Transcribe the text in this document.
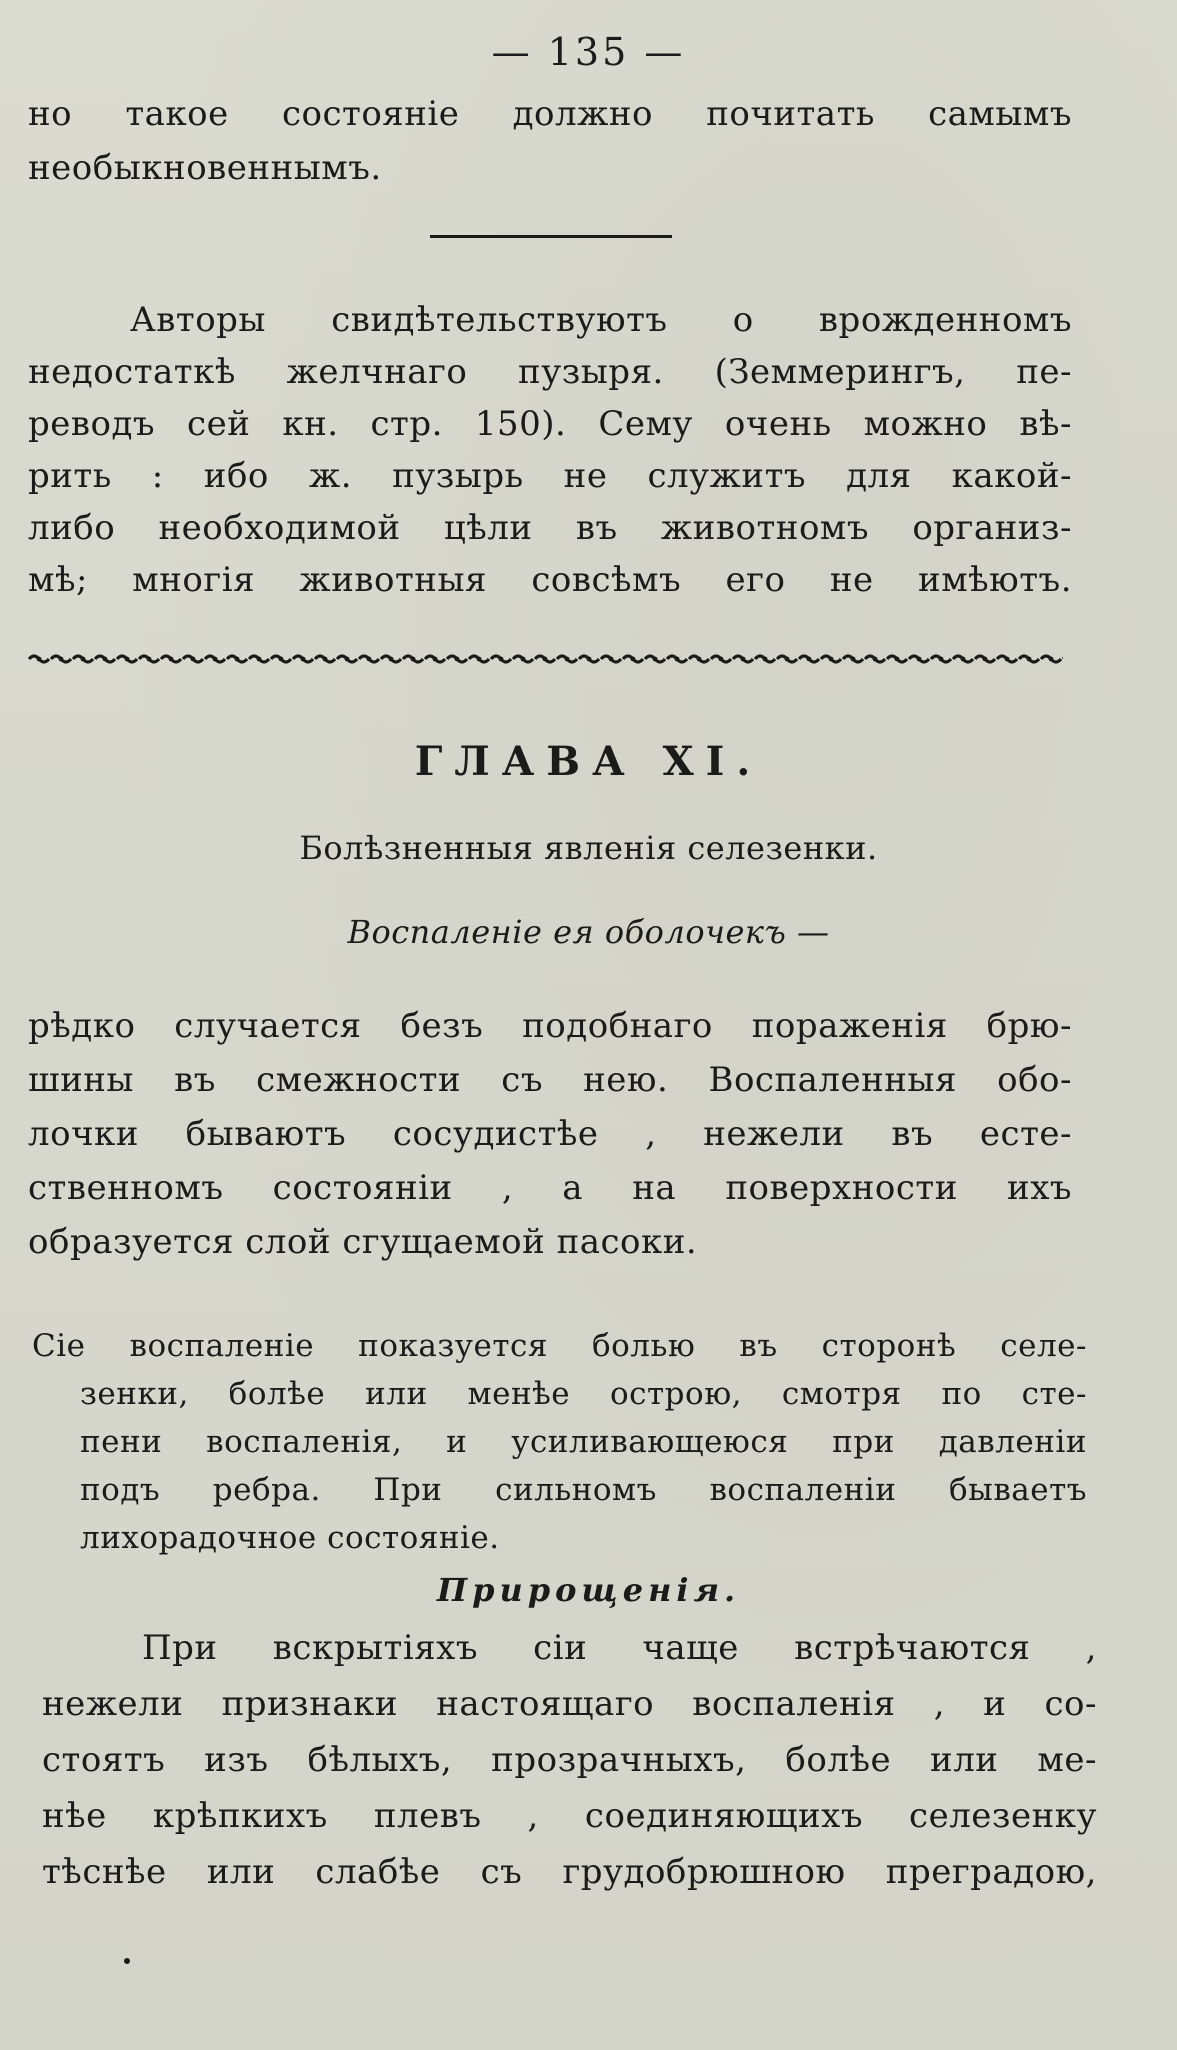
— 135 —
но такое состояніе должно почитать самымъ
необыкновеннымъ.
Авторы свидѣтельствуютъ о врожденномъ
недостаткѣ желчнаго пузыря. (Земмерингъ, пе-
реводъ сей кн. стр. 150). Сему очень можно вѣ-
рить : ибо ж. пузырь не служитъ для какой-
либо необходимой цѣли въ животномъ организ-
мѣ; многія животныя совсѣмъ его не имѣютъ.
ГЛАВА XI.
Болѣзненныя явленія селезенки.
Воспаленіе ея оболочекъ —
рѣдко случается безъ подобнаго пораженія брю-
шины въ смежности съ нею. Воспаленныя обо-
лочки бываютъ сосудистѣе , нежели въ есте-
ственномъ состояніи , а на поверхности ихъ
образуется слой сгущаемой пасоки.
Сіе воспаленіе показуется болью въ сторонѣ селе-
зенки, болѣе или менѣе острою, смотря по сте-
пени воспаленія, и усиливающеюся при давленіи
подъ ребра. При сильномъ воспаленіи бываетъ
лихорадочное состояніе.
Прирощенія.
При вскрытіяхъ сіи чаще встрѣчаются ,
нежели признаки настоящаго воспаленія , и со-
стоятъ изъ бѣлыхъ, прозрачныхъ, болѣе или ме-
нѣе крѣпкихъ плевъ , соединяющихъ селезенку
тѣснѣе или слабѣе съ грудобрюшною преградою,
